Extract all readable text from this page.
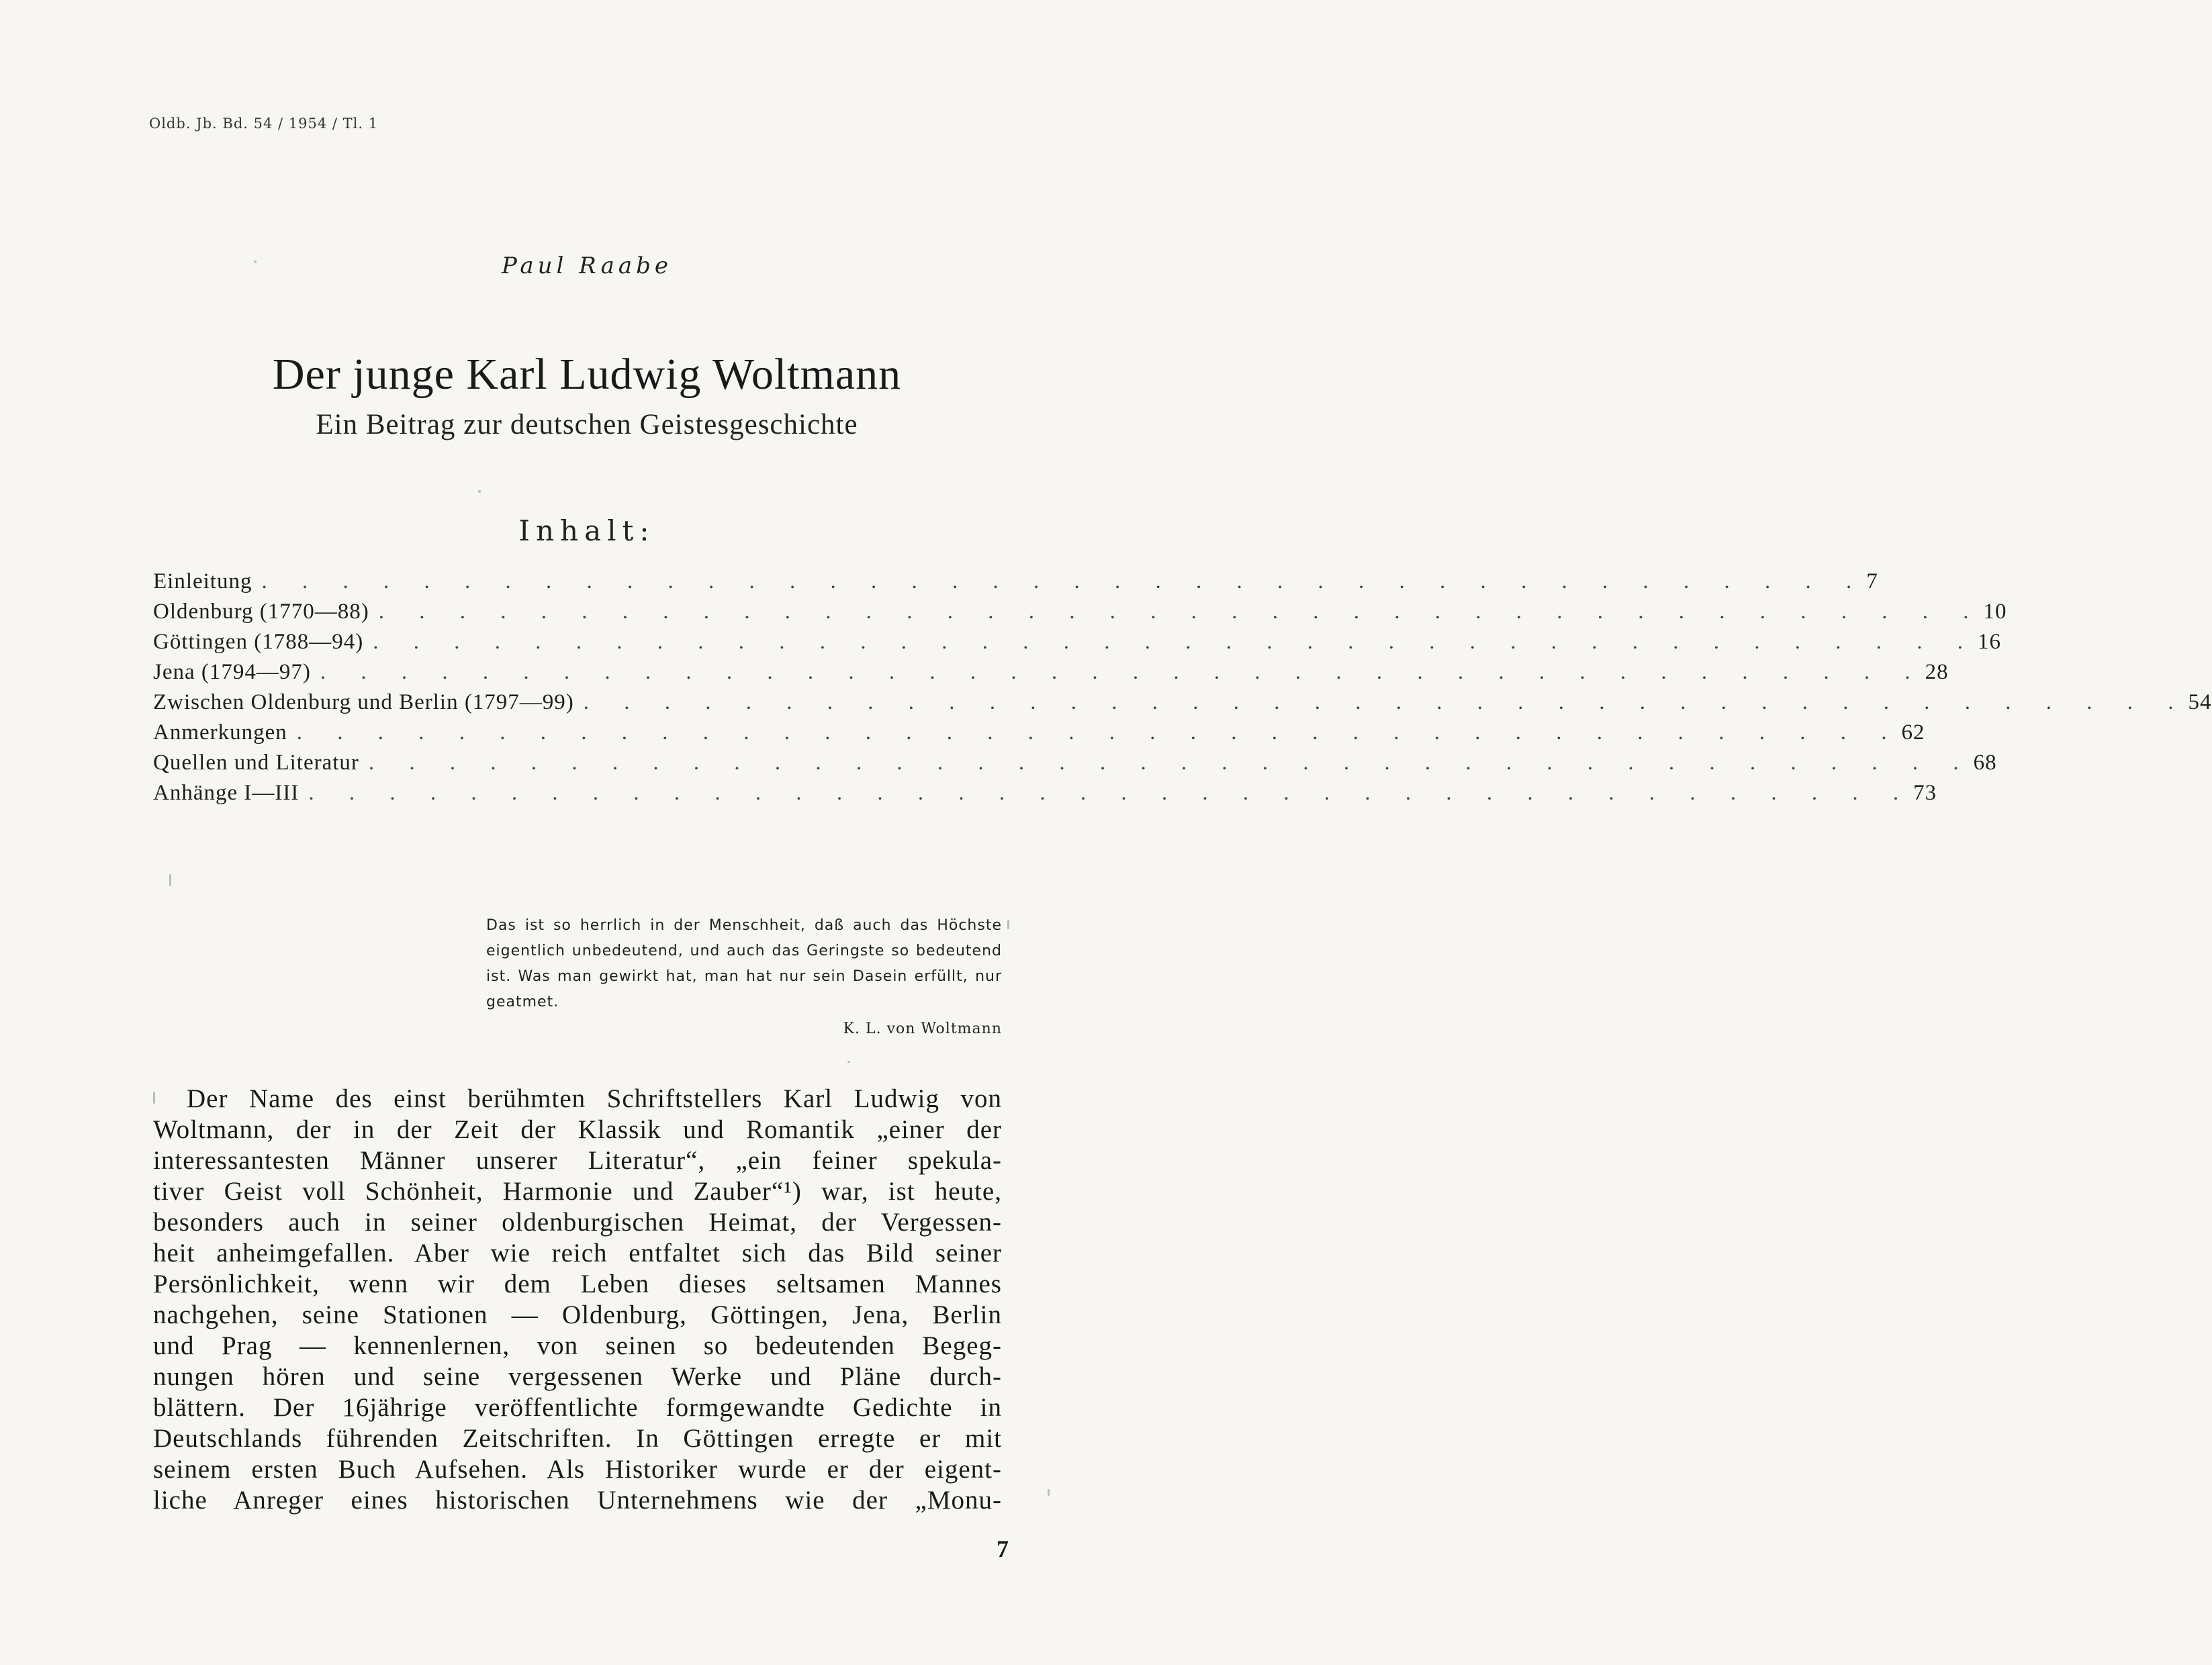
Oldb. Jb. Bd. 54 / 1954 / Tl. 1
Paul Raabe
Der junge Karl Ludwig Woltmann
Ein Beitrag zur deutschen Geistesgeschichte
Inhalt:
Einleitung . . . . . . . . . . . . . . . . . . . . . . . . . . . . . . . . . . . . . . . . 7
Oldenburg (1770—88) . . . . . . . . . . . . . . . . . . . . . . . . . . . . . . . . . . . . . . . . 10
Göttingen (1788—94) . . . . . . . . . . . . . . . . . . . . . . . . . . . . . . . . . . . . . . . . 16
Jena (1794—97) . . . . . . . . . . . . . . . . . . . . . . . . . . . . . . . . . . . . . . . . 28
Zwischen Oldenburg und Berlin (1797—99) . . . . . . . . . . . . . . . . . . . . . . . . . . . . . . . . . . . . . . . . 54
Anmerkungen . . . . . . . . . . . . . . . . . . . . . . . . . . . . . . . . . . . . . . . . 62
Quellen und Literatur . . . . . . . . . . . . . . . . . . . . . . . . . . . . . . . . . . . . . . . . 68
Anhänge I—III . . . . . . . . . . . . . . . . . . . . . . . . . . . . . . . . . . . . . . . . 73
Das ist so herrlich in der Menschheit, daß auch das Höchste eigentlich unbedeutend, und auch das Geringste so bedeutend ist. Was man gewirkt hat, man hat nur sein Dasein erfüllt, nur geatmet.
K. L. von Woltmann
Der Name des einst berühmten Schriftstellers Karl Ludwig von
Woltmann, der in der Zeit der Klassik und Romantik „einer der
interessantesten Männer unserer Literatur“, „ein feiner spekula-
tiver Geist voll Schönheit, Harmonie und Zauber“¹) war, ist heute,
besonders auch in seiner oldenburgischen Heimat, der Vergessen-
heit anheimgefallen. Aber wie reich entfaltet sich das Bild seiner
Persönlichkeit, wenn wir dem Leben dieses seltsamen Mannes
nachgehen, seine Stationen — Oldenburg, Göttingen, Jena, Berlin
und Prag — kennenlernen, von seinen so bedeutenden Begeg-
nungen hören und seine vergessenen Werke und Pläne durch-
blättern. Der 16jährige veröffentlichte formgewandte Gedichte in
Deutschlands führenden Zeitschriften. In Göttingen erregte er mit
seinem ersten Buch Aufsehen. Als Historiker wurde er der eigent-
liche Anreger eines historischen Unternehmens wie der „Monu-
7
